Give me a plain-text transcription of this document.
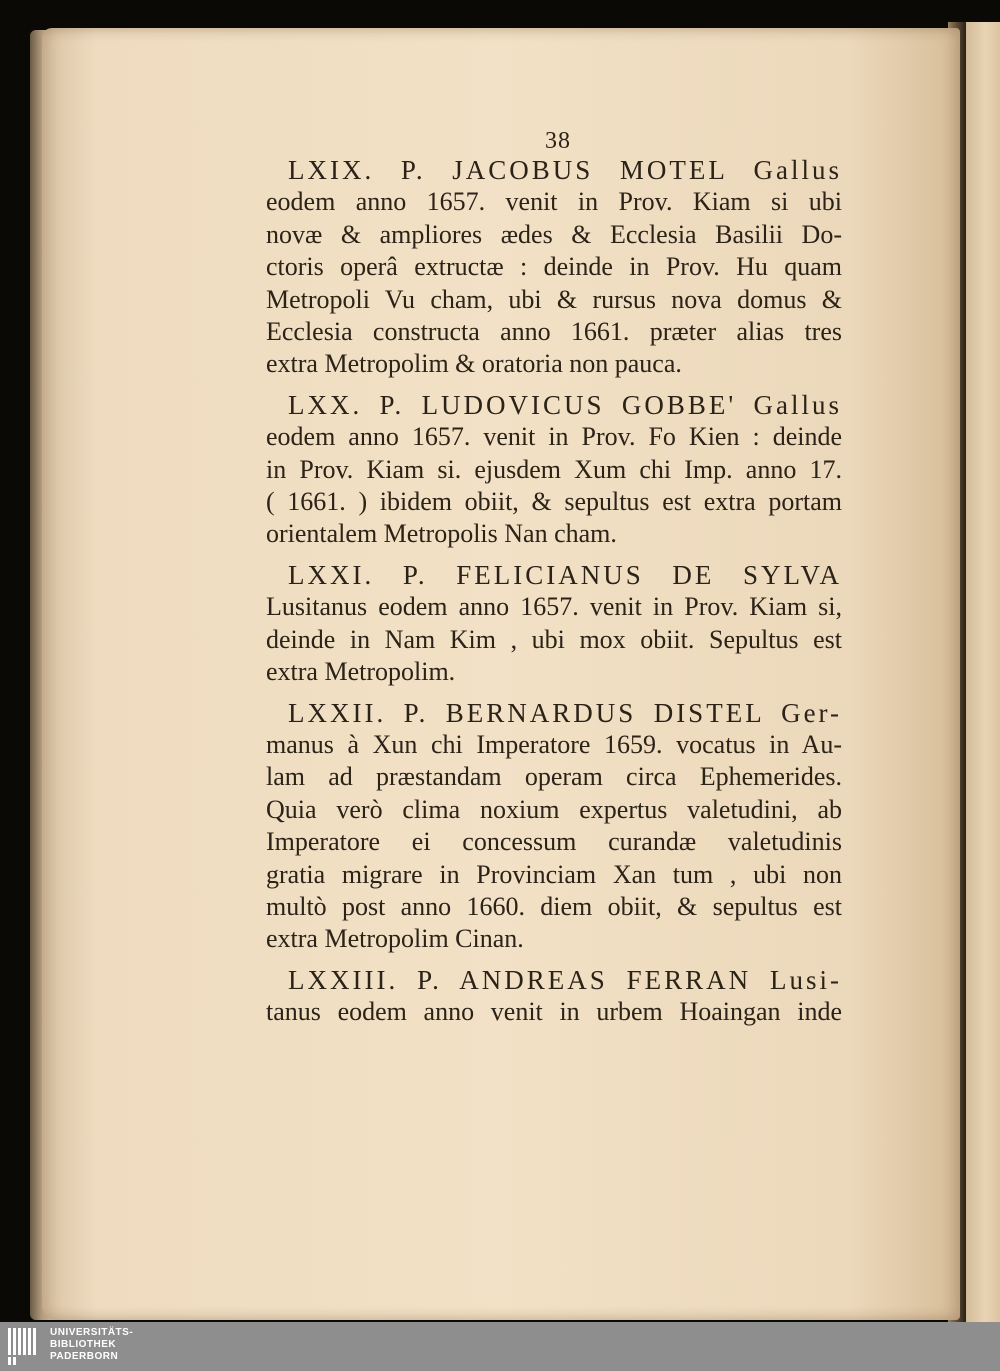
38
LXIX. P. JACOBUS MOTEL Gallus
eodem anno 1657. venit in Prov. Kiam si ubi
novæ & ampliores ædes & Ecclesia Basilii Do-
ctoris operâ extructæ : deinde in Prov. Hu quam
Metropoli Vu cham, ubi & rursus nova domus &
Ecclesia constructa anno 1661. præter alias tres
extra Metropolim & oratoria non pauca.
LXX. P. LUDOVICUS GOBBE' Gallus
eodem anno 1657. venit in Prov. Fo Kien : deinde
in Prov. Kiam si. ejusdem Xum chi Imp. anno 17.
( 1661. ) ibidem obiit, & sepultus est extra portam
orientalem Metropolis Nan cham.
LXXI. P. FELICIANUS DE SYLVA
Lusitanus eodem anno 1657. venit in Prov. Kiam si,
deinde in Nam Kim , ubi mox obiit. Sepultus est
extra Metropolim.
LXXII. P. BERNARDUS DISTEL Ger-
manus à Xun chi Imperatore 1659. vocatus in Au-
lam ad præstandam operam circa Ephemerides.
Quia verò clima noxium expertus valetudini, ab
Imperatore ei concessum curandæ valetudinis
gratia migrare in Provinciam Xan tum , ubi non
multò post anno 1660. diem obiit, & sepultus est
extra Metropolim Cinan.
LXXIII. P. ANDREAS FERRAN Lusi-
tanus eodem anno venit in urbem Hoaingan inde
UNIVERSITÄTS-
BIBLIOTHEK
PADERBORN
